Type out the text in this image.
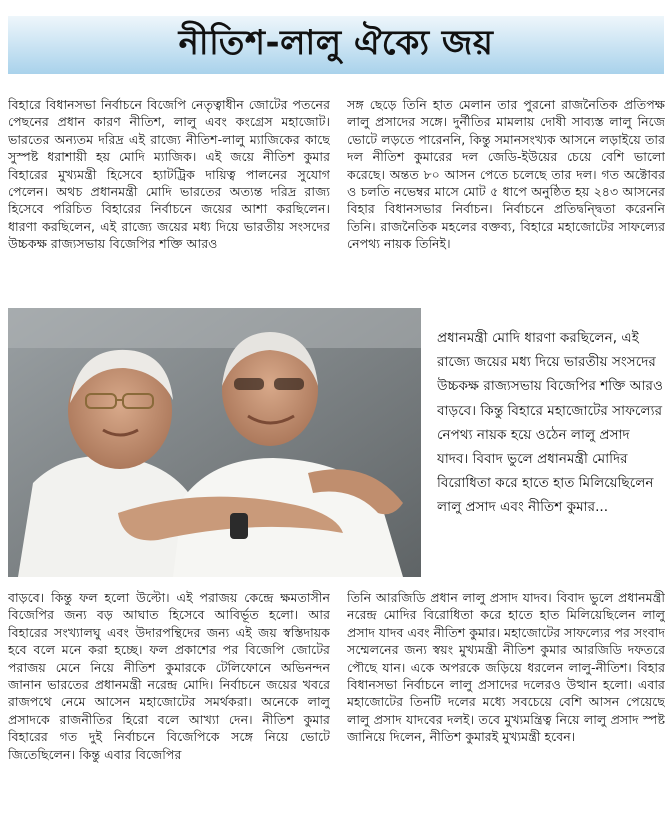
নীতিশ-লালু ঐক্যে জয়
বিহারে বিধানসভা নির্বাচনে বিজেপি নেতৃত্বাধীন জোটের পতনের পেছনের প্রধান কারণ নীতিশ, লালু এবং কংগ্রেস মহাজোট। ভারতের অন্যতম দরিদ্র এই রাজ্যে নীতিশ-লালু ম্যাজিকের কাছে সুস্পষ্ট ধরাশায়ী হয় মোদি ম্যাজিক। এই জয়ে নীতিশ কুমার বিহারের মুখ্যমন্ত্রী হিসেবে হ্যাটট্রিক দায়িত্ব পালনের সুযোগ পেলেন। অথচ প্রধানমন্ত্রী মোদি ভারতের অত্যন্ত দরিদ্র রাজ্য হিসেবে পরিচিত বিহারের নির্বাচনে জয়ের আশা করছিলেন। ধারণা করছিলেন, এই রাজ্যে জয়ের মধ্য দিয়ে ভারতীয় সংসদের উচ্চকক্ষ রাজ্যসভায় বিজেপির শক্তি আরও
সঙ্গ ছেড়ে তিনি হাত মেলান তার পুরনো রাজনৈতিক প্রতিপক্ষ লালু প্রসাদের সঙ্গে। দুর্নীতির মামলায় দোষী সাব্যস্ত লালু নিজে ভোটে লড়তে পারেননি, কিন্তু সমানসংখ্যক আসনে লড়াইয়ে তার দল নীতিশ কুমারের দল জেডি-ইউয়ের চেয়ে বেশি ভালো করেছে। অন্তত ৮০ আসন পেতে চলেছে তার দল। গত অক্টোবর ও চলতি নভেম্বর মাসে মোট ৫ ধাপে অনুষ্ঠিত হয় ২৪৩ আসনের বিহার বিধানসভার নির্বাচন। নির্বাচনে প্রতিদ্বন্দ্বিতা করেননি তিনি। রাজনৈতিক মহলের বক্তব্য, বিহারে মহাজোটের সাফল্যের নেপথ্য নায়ক তিনিই।
প্রধানমন্ত্রী মোদি ধারণা করছিলেন, এই রাজ্যে জয়ের মধ্য দিয়ে ভারতীয় সংসদের উচ্চকক্ষ রাজ্যসভায় বিজেপির শক্তি আরও বাড়বে। কিন্তু বিহারে মহাজোটের সাফল্যের নেপথ্য নায়ক হয়ে ওঠেন লালু প্রসাদ যাদব। বিবাদ ভুলে প্রধানমন্ত্রী মোদির বিরোধিতা করে হাতে হাত মিলিয়েছিলেন লালু প্রসাদ এবং নীতিশ কুমার...
বাড়বে। কিন্তু ফল হলো উল্টো। এই পরাজয় কেন্দ্রে ক্ষমতাসীন বিজেপির জন্য বড় আঘাত হিসেবে আবির্ভূত হলো। আর বিহারের সংখ্যালঘু এবং উদারপন্থিদের জন্য এই জয় স্বস্তিদায়ক হবে বলে মনে করা হচ্ছে। ফল প্রকাশের পর বিজেপি জোটের পরাজয় মেনে নিয়ে নীতিশ কুমারকে টেলিফোনে অভিনন্দন জানান ভারতের প্রধানমন্ত্রী নরেন্দ্র মোদি। নির্বাচনে জয়ের খবরে রাজপথে নেমে আসেন মহাজোটের সমর্থকরা। অনেকে লালু প্রসাদকে রাজনীতির হিরো বলে আখ্যা দেন। নীতিশ কুমার বিহারের গত দুই নির্বাচনে বিজেপিকে সঙ্গে নিয়ে ভোটে জিতেছিলেন। কিন্তু এবার বিজেপির
তিনি আরজিডি প্রধান লালু প্রসাদ যাদব। বিবাদ ভুলে প্রধানমন্ত্রী নরেন্দ্র মোদির বিরোধিতা করে হাতে হাত মিলিয়েছিলেন লালু প্রসাদ যাদব এবং নীতিশ কুমার। মহাজোটের সাফল্যের পর সংবাদ সম্মেলনের জন্য স্বয়ং মুখ্যমন্ত্রী নীতিশ কুমার আরজিডি দফতরে পৌছে যান। একে অপরকে জড়িয়ে ধরলেন লালু-নীতিশ। বিহার বিধানসভা নির্বাচনে লালু প্রসাদের দলেরও উত্থান হলো। এবার মহাজোটের তিনটি দলের মধ্যে সবচেয়ে বেশি আসন পেয়েছে লালু প্রসাদ যাদবের দলই। তবে মুখ্যমন্ত্রিত্ব নিয়ে লালু প্রসাদ স্পষ্ট জানিয়ে দিলেন, নীতিশ কুমারই মুখ্যমন্ত্রী হবেন।
